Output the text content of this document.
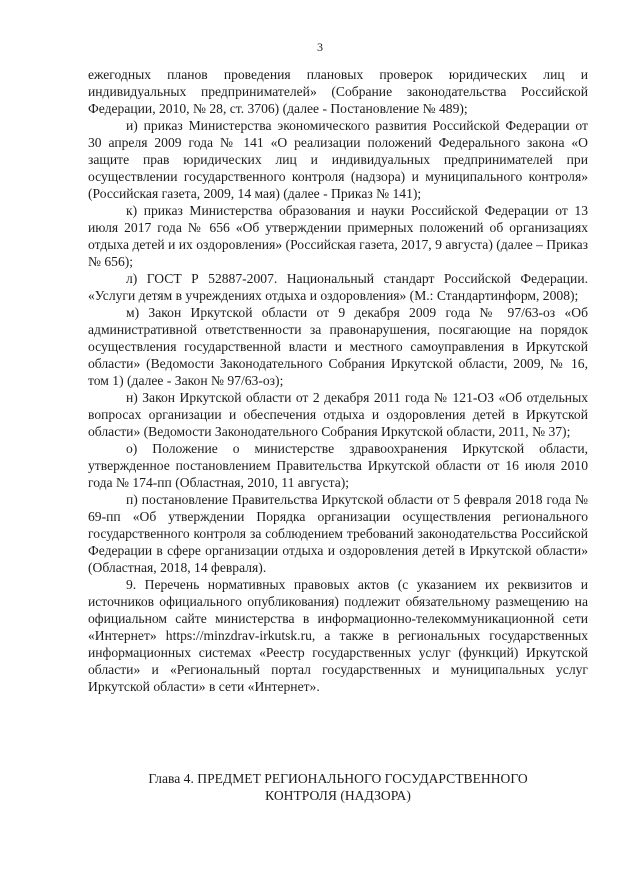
3

ежегодных планов проведения плановых проверок юридических лиц и индивидуальных предпринимателей» (Собрание законодательства Российской Федерации, 2010, № 28, ст. 3706) (далее - Постановление № 489);

и) приказ Министерства экономического развития Российской Федерации от 30 апреля 2009 года № 141 «О реализации положений Федерального закона «О защите прав юридических лиц и индивидуальных предпринимателей при осуществлении государственного контроля (надзора) и муниципального контроля» (Российская газета, 2009, 14 мая) (далее - Приказ № 141);

к) приказ Министерства образования и науки Российской Федерации от 13 июля 2017 года № 656 «Об утверждении примерных положений об организациях отдыха детей и их оздоровления» (Российская газета, 2017, 9 августа) (далее – Приказ № 656);

л) ГОСТ Р 52887-2007. Национальный стандарт Российской Федерации. «Услуги детям в учреждениях отдыха и оздоровления» (М.: Стандартинформ, 2008);

м) Закон Иркутской области от 9 декабря 2009 года № 97/63-оз «Об административной ответственности за правонарушения, посягающие на порядок осуществления государственной власти и местного самоуправления в Иркутской области» (Ведомости Законодательного Собрания Иркутской области, 2009, № 16, том 1) (далее - Закон № 97/63-оз);

н) Закон Иркутской области от 2 декабря 2011 года № 121-ОЗ «Об отдельных вопросах организации и обеспечения отдыха и оздоровления детей в Иркутской области» (Ведомости Законодательного Собрания Иркутской области, 2011, № 37);

о) Положение о министерстве здравоохранения Иркутской области, утвержденное постановлением Правительства Иркутской области от 16 июля 2010 года № 174-пп (Областная, 2010, 11 августа);

п) постановление Правительства Иркутской области от 5 февраля 2018 года № 69-пп «Об утверждении Порядка организации осуществления регионального государственного контроля за соблюдением требований законодательства Российской Федерации в сфере организации отдыха и оздоровления детей в Иркутской области» (Областная, 2018, 14 февраля).

9. Перечень нормативных правовых актов (с указанием их реквизитов и источников официального опубликования) подлежит обязательному размещению на официальном сайте министерства в информационно-телекоммуникационной сети «Интернет» https://minzdrav-irkutsk.ru, а также в региональных государственных информационных системах «Реестр государственных услуг (функций) Иркутской области» и «Региональный портал государственных и муниципальных услуг Иркутской области» в сети «Интернет».

Глава 4. ПРЕДМЕТ РЕГИОНАЛЬНОГО ГОСУДАРСТВЕННОГО
КОНТРОЛЯ (НАДЗОРА)
